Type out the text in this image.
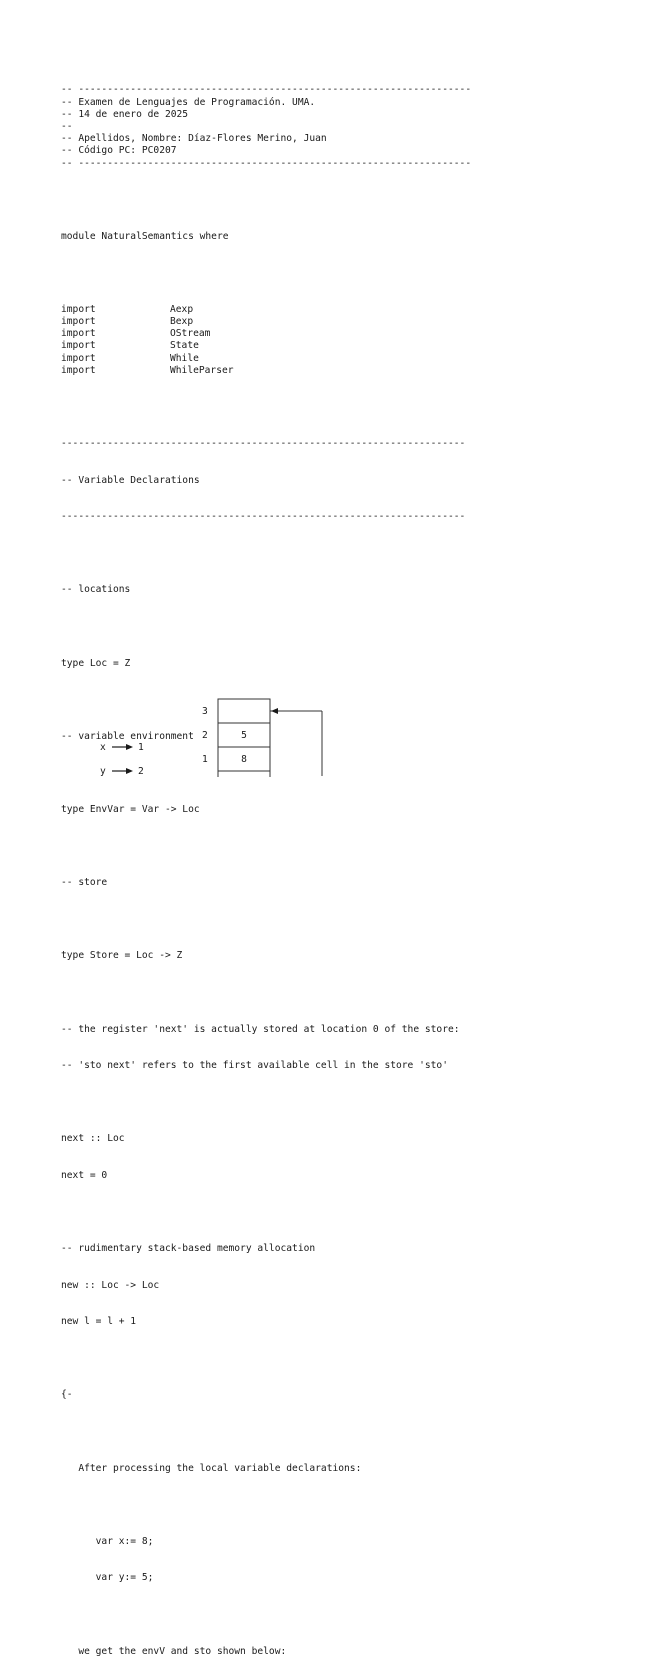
-- --------------------------------------------------------------------
-- Examen de Lenguajes de Programación. UMA.
-- 14 de enero de 2025
--
-- Apellidos, Nombre: Díaz-Flores Merino, Juan
-- Código PC: PC0207
-- --------------------------------------------------------------------

module NaturalSemantics where

import	Aexp
import	Bexp
import	OStream
import	State
import	While
import	WhileParser

----------------------------------------------------------------------

-- Variable Declarations

----------------------------------------------------------------------

-- locations

type Loc = Z

-- variable environment

type EnvVar = Var -> Loc

-- store

type Store = Loc -> Z

-- the register 'next' is actually stored at location 0 of the store:

-- 'sto next' refers to the first available cell in the store 'sto'

next :: Loc

next = 0

-- rudimentary stack-based memory allocation

new :: Loc -> Loc

new l = l + 1

{-

After processing the local variable declarations:

var x:= 8;

var y:= 5;

we get the envV and sto shown below:

3
2	5
1	8
x	1
y	2
